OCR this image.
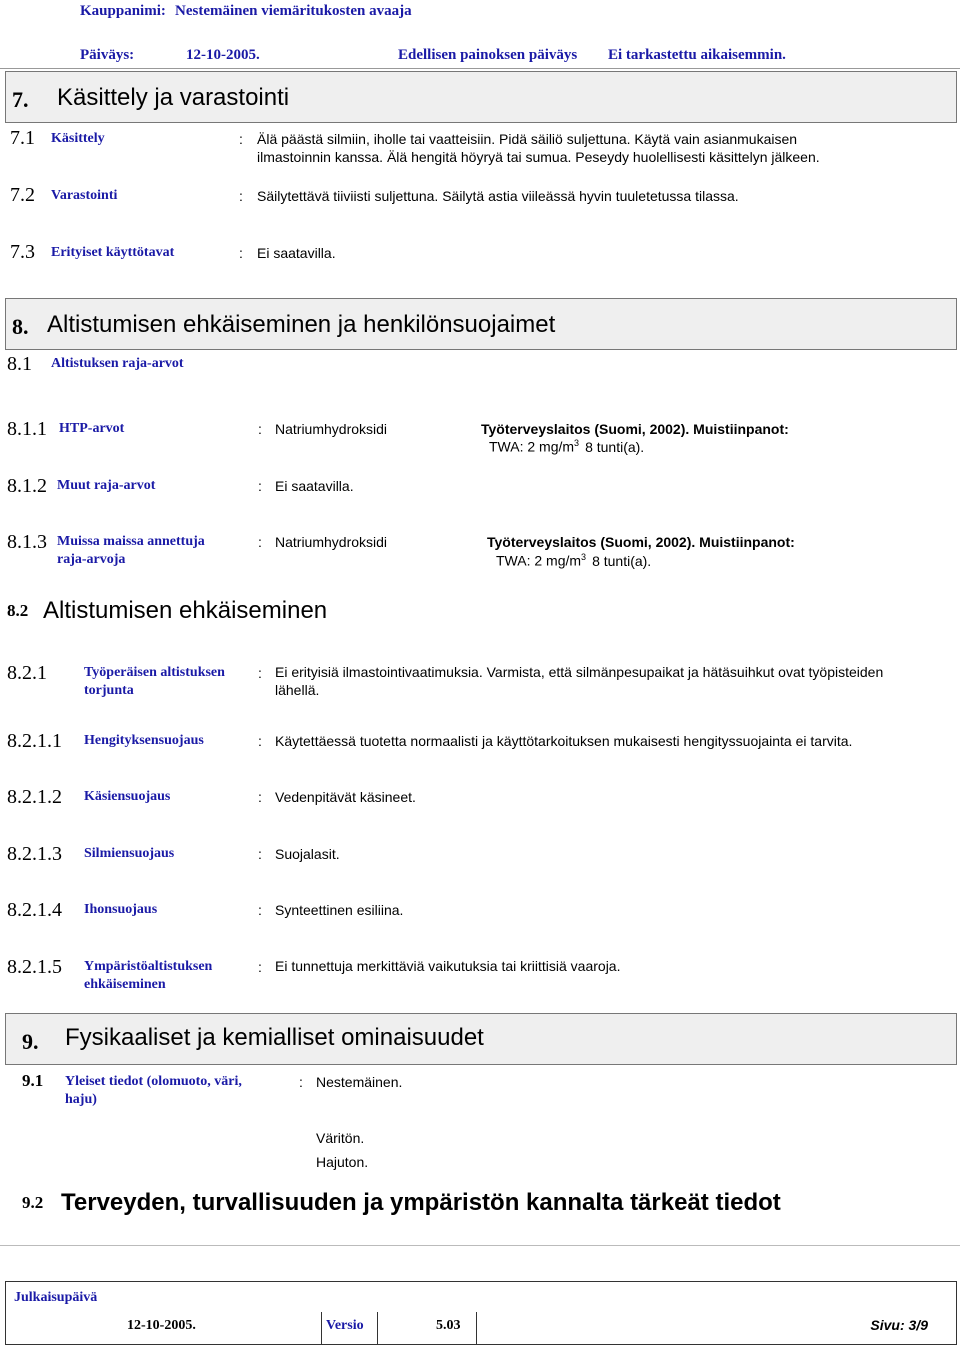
Kauppanimi: Nestemäinen viemäritukosten avaaja
Päiväys:	12-10-2005.	Edellisen painoksen päiväys Ei tarkastettu aikaisemmin.
7. Käsittely ja varastointi
7.1 Käsittely	: Älä päästä silmiin, iholle tai vaatteisiin. Pidä säiliö suljettuna. Käytä vain asianmukaisen
ilmastoinnin kanssa. Älä hengitä höyryä tai sumua. Peseydy huolellisesti käsittelyn jälkeen.
7.2 Varastointi	: Säilytettävä tiiviisti suljettuna. Säilytä astia viileässä hyvin tuuletetussa tilassa.
7.3 Erityiset käyttötavat	: Ei saatavilla.
8. Altistumisen ehkäiseminen ja henkilönsuojaimet
8.1 Altistuksen raja-arvot
8.1.1 HTP-arvot	: Natriumhydroksidi	Työterveyslaitos (Suomi, 2002). Muistiinpanot:
TWA: 2 $mg/m^3$ 8 tunti(a).
8.1.2 Muut raja-arvot	: Ei saatavilla.
8.1.3 Muissa maissa annettuja
raja-arvoja
: Natriumhydroksidi	Työterveyslaitos (Suomi, 2002). Muistiinpanot:
TWA: 2 $mg/m^3$ 8 tunti(a).
8.2 Altistumisen ehkäiseminen
8.2.1	Työperäisen altistuksen
torjunta
: Ei erityisiä ilmastointivaatimuksia. Varmista, että silmänpesupaikat ja hätäsuihkut ovat työpisteiden
lähellä.
8.2.1.1 Hengityksensuojaus	: Käytettäessä tuotetta normaalisti ja käyttötarkoituksen mukaisesti hengityssuojainta ei tarvita.
8.2.1.2 Käsiensuojaus	: Vedenpitävät käsineet.
8.2.1.3 Silmiensuojaus	: Suojalasit.
8.2.1.4 Ihonsuojaus	: Synteettinen esiliina.
8.2.1.5 Ympäristöaltistuksen
ehkäiseminen
: Ei tunnettuja merkittäviä vaikutuksia tai kriittisiä vaaroja.
9. Fysikaaliset ja kemialliset ominaisuudet
9.1 Yleiset tiedot (olomuoto, väri,
haju)
: Nestemäinen.
Väritön.
Hajuton.
9.2 Terveyden, turvallisuuden ja ympäristön kannalta tärkeät tiedot
Julkaisupäivä
12-10-2005.	Versio	5.03	Sivu: 3/9
